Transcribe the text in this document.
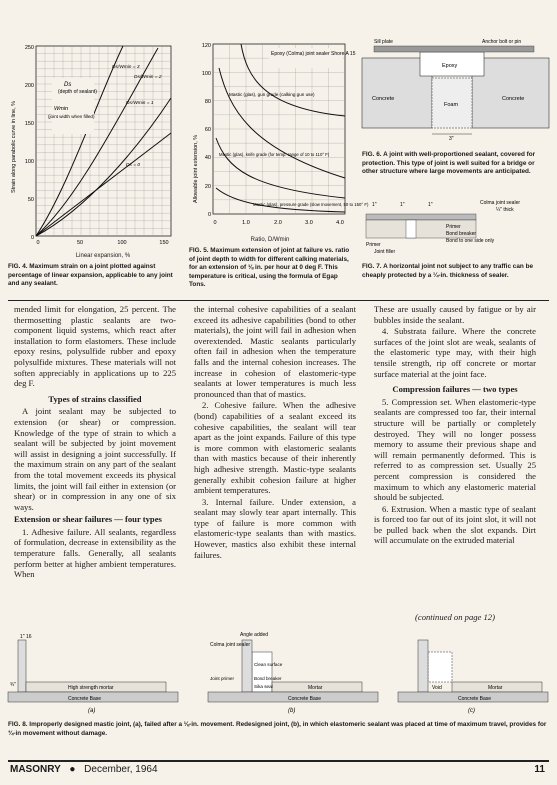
Strain along parabolic curve in line, %
250
200
150
100
50
0
0	50	100	150
Ds
(depth of sealant)
Wmin
(joint width when filled)
Ds/Wmin = 3
Ds/Wmin = 2
Ds/Wmin = 1
Ds = 0
Linear expansion, %
FIG. 4. Maximum strain on a joint plotted against percentage of linear expansion, applicable to any joint and any sealant.
Allowable joint extension, %
120
100
80
60
40
20
0
0	1.0	2.0	3.0	4.0
Epoxy (Colma) joint sealer Shore A 15
Mastic (glas), gun grade (calking gun use)
Mastic (glas), knife grade (for temp. range of 10 to 110° F)
Mastic (glas), pressure grade (slow movement, 50 to 150° F)
Ratio, D/Wmin
FIG. 5. Maximum extension of joint at failure vs. ratio of joint depth to width for different calking materials, for an extension of ⅛ in. per hour at 0 deg F. This temperature is critical, using the formula of Egap Tons.
Sill plate	Anchor bolt or pin
Epoxy
Concrete
Foam
Concrete
3"
FIG. 6. A joint with well-proportioned sealant, covered for protection. This type of joint is well suited for a bridge or other structure where large movements are anticipated.
1"	1"	1"	Colma joint sealer
¼" thick
Primer
Primer
Bond breaker
Bond to one side only
Joint filler
FIG. 7. A horizontal joint not subject to any traffic can be cheaply protected by a ¼-in. thickness of sealer.

mended limit for elongation, 25 percent. The thermosetting plastic sealants are two-component liquid systems, which react after installation to form elastomers. These include epoxy resins, polysulfide rubber and epoxy polysulfide mixtures. These materials will not soften appreciably in applications up to 225 deg F.

Types of strains classified

A joint sealant may be subjected to extension (or shear) or compression. Knowledge of the type of strain to which a sealant will be subjected by joint movement will assist in designing a joint successfully. If the maximum strain on any part of the sealant from the total movement exceeds its physical limits, the joint will fail either in extension (or shear) or in compression in any one of six ways.

Extension or shear failures — four types

1. Adhesive failure. All sealants, regardless of formulation, decrease in extensibility as the temperature falls. Generally, all sealants perform better at higher ambient temperatures. When

the internal cohesive capabilities of a sealant exceed its adhesive capabilities (bond to other materials), the joint will fail in adhesion when overextended. Mastic sealants particularly often fail in adhesion when the temperature falls and the internal cohesion increases. The increase in cohesion of elastomeric-type sealants at lower temperatures is much less pronounced than that of mastics.

2. Cohesive failure. When the adhesive (bond) capabilities of a sealant exceed its cohesive capabilities, the sealant will tear apart as the joint expands. Failure of this type is more common with elastomeric sealants than with mastics because of their inherently high adhesive strength. Mastic-type sealants generally exhibit cohesion failure at higher ambient temperatures.

3. Internal failure. Under extension, a sealant may slowly tear apart internally. This type of failure is more common with elastomeric-type sealants than with mastics. However, mastics also exhibit these internal failures.

These are usually caused by fatigue or by air bubbles inside the sealant.

4. Substrata failure. Where the concrete surfaces of the joint slot are weak, sealants of the elastomeric type may, with their high tensile strength, rip off concrete or mortar surface material at the joint face.

Compression failures — two types

5. Compression set. When elastomeric-type sealants are compressed too far, their internal structure will be partially or completely destroyed. They will no longer possess memory to assume their previous shape and will remain permanently deformed. This is referred to as compression set. Usually 25 percent compression is considered the maximum to which any elastomeric material should be subjected.

6. Extrusion. When a mastic type of sealant is forced too far out of its joint slot, it will not be pulled back when the slot expands. Dirt will accumulate on the extruded material

(continued on page 12)
1" 16
¾"	High strength mortar
Concrete Base
(a)
Angle added
Colma joint sealer
Clean surface
Joint primer	Bond breaker
Sika seal	Mortar
Concrete Base
(b)
Mortar
Void
Concrete Base
(c)
FIG. 8. Improperly designed mastic joint, (a), failed after a ⅛-in. movement. Redesigned joint, (b), in which elastomeric sealant was placed at time of maximum travel, provides for ¾-in movement without damage.
MASONRY ● December, 1964	11
